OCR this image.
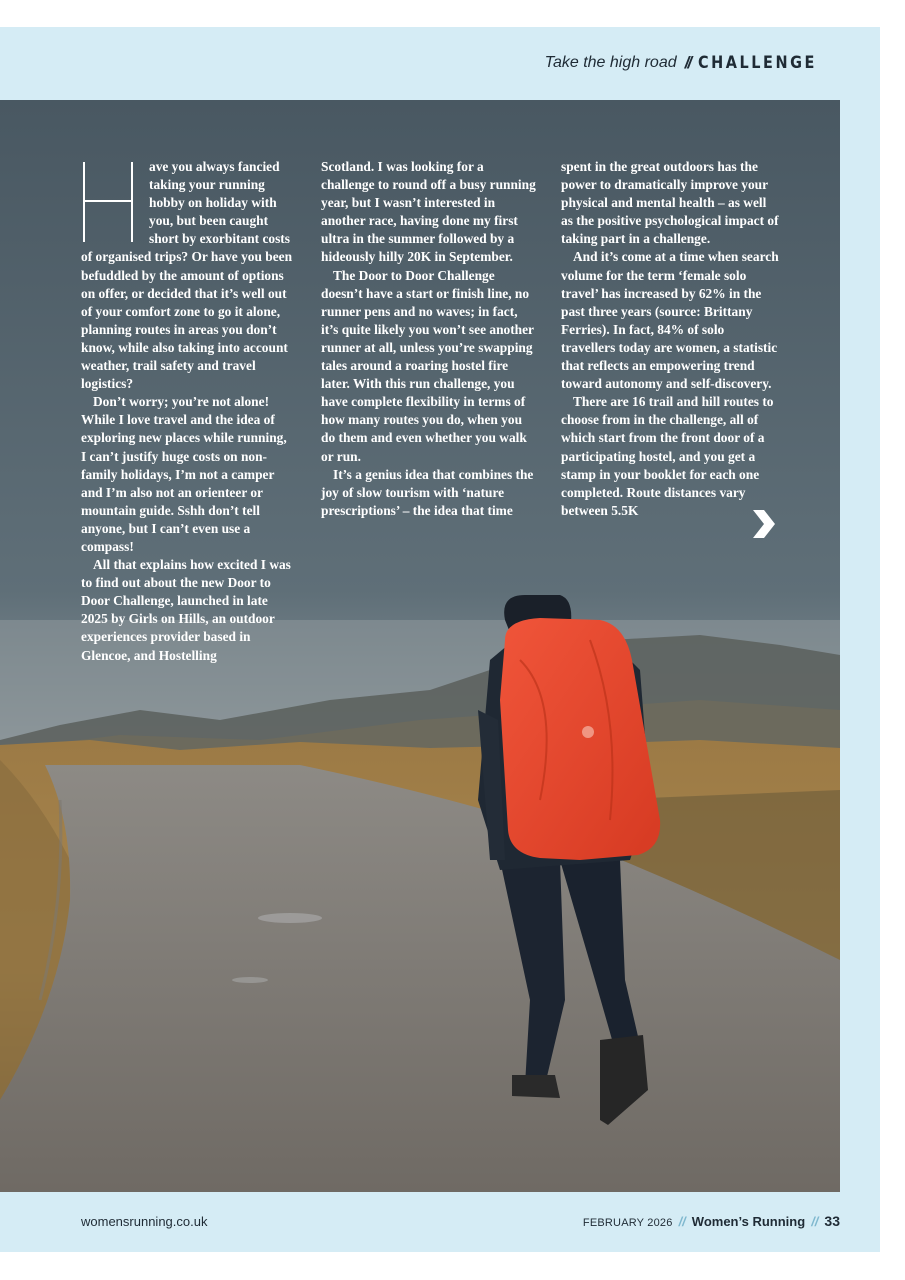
Take the high road // CHALLENGE

ave you always fancied taking your running hobby on holiday with you, but been caught short by exorbitant costs of organised trips? Or have you been befuddled by the amount of options on offer, or decided that it’s well out of your comfort zone to go it alone, planning routes in areas you don’t know, while also taking into account weather, trail safety and travel logistics?

Don’t worry; you’re not alone! While I love travel and the idea of exploring new places while running, I can’t justify huge costs on non-family holidays, I’m not a camper and I’m also not an orienteer or mountain guide. Sshh don’t tell anyone, but I can’t even use a compass!

All that explains how excited I was to find out about the new Door to Door Challenge, launched in late 2025 by Girls on Hills, an outdoor experiences provider based in Glencoe, and Hostelling

Scotland. I was looking for a challenge to round off a busy running year, but I wasn’t interested in another race, having done my first ultra in the summer followed by a hideously hilly 20K in September.

The Door to Door Challenge doesn’t have a start or finish line, no runner pens and no waves; in fact, it’s quite likely you won’t see another runner at all, unless you’re swapping tales around a roaring hostel fire later. With this run challenge, you have complete flexibility in terms of how many routes you do, when you do them and even whether you walk or run.

It’s a genius idea that combines the joy of slow tourism with ‘nature prescriptions’ – the idea that time

spent in the great outdoors has the power to dramatically improve your physical and mental health – as well as the positive psychological impact of taking part in a challenge.

And it’s come at a time when search volume for the term ‘female solo travel’ has increased by 62% in the past three years (source: Brittany Ferries). In fact, 84% of solo travellers today are women, a statistic that reflects an empowering trend toward autonomy and self-discovery.

There are 16 trail and hill routes to choose from in the challenge, all of which start from the front door of a participating hostel, and you get a stamp in your booklet for each one completed. Route distances vary between 5.5K

womensrunning.co.uk	FEBRUARY 2026 // Women’s Running // 33
